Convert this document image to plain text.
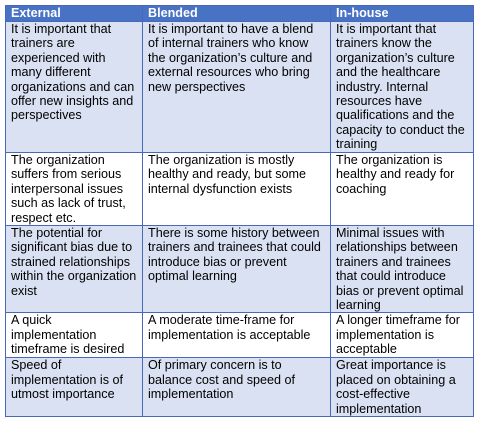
External	Blended	In-house
It is important that trainers are experienced with many different organizations and can offer new insights and perspectives	It is important to have a blend of internal trainers who know the organization’s culture and external resources who bring new perspectives	It is important that trainers know the organization’s culture and the healthcare industry. Internal resources have qualifications and the capacity to conduct the training
The organization suffers from serious interpersonal issues such as lack of trust, respect etc.	The organization is mostly healthy and ready, but some internal dysfunction exists	The organization is healthy and ready for coaching
The potential for significant bias due to strained relationships within the organization exist	There is some history between trainers and trainees that could introduce bias or prevent optimal learning	Minimal issues with relationships between trainers and trainees that could introduce bias or prevent optimal learning
A quick implementation timeframe is desired	A moderate time-frame for implementation is acceptable	A longer timeframe for implementation is acceptable
Speed of implementation is of utmost importance	Of primary concern is to balance cost and speed of implementation	Great importance is placed on obtaining a cost-effective implementation
